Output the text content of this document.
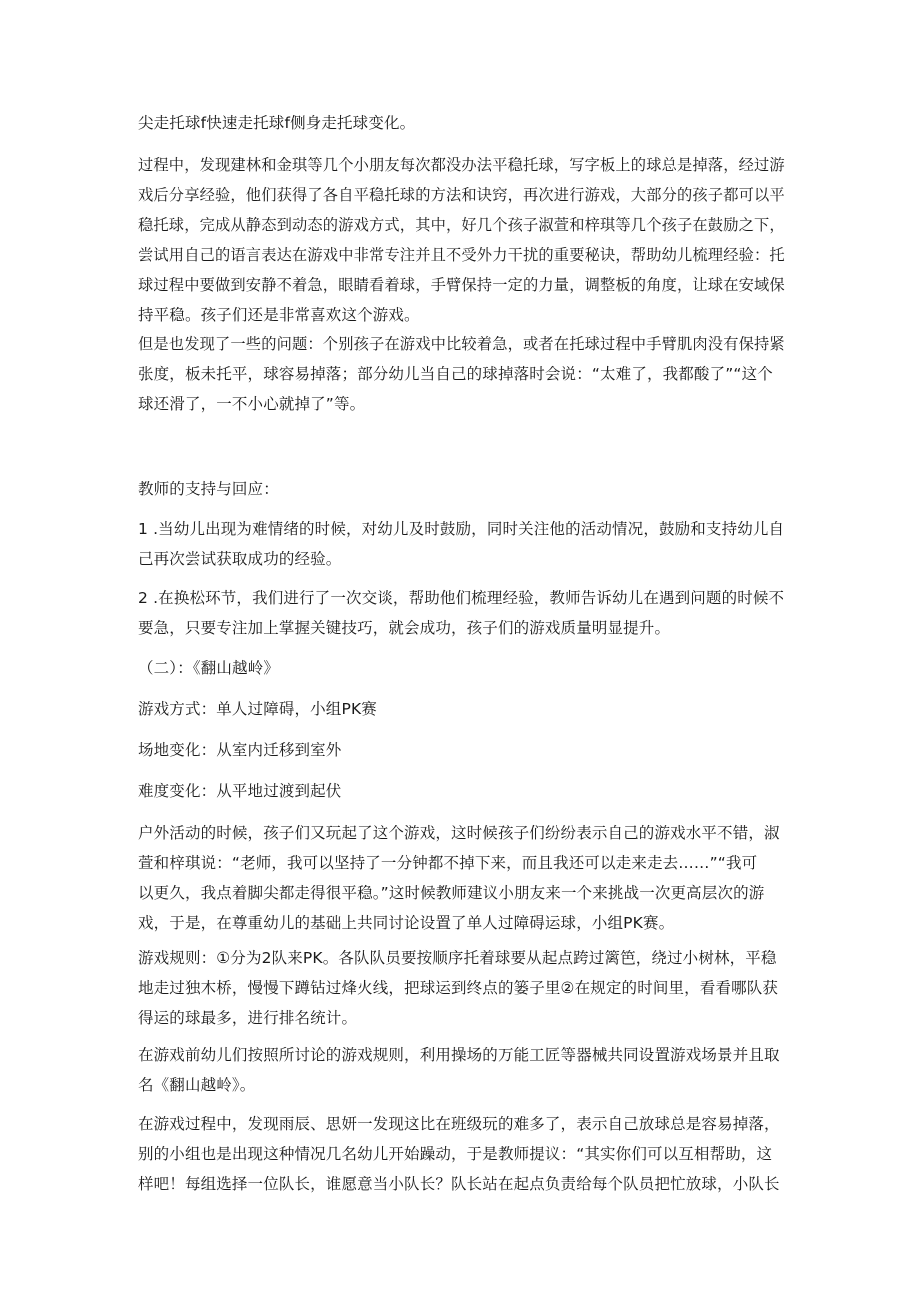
尖走托球f快速走托球f侧身走托球变化。
过程中，发现建林和金琪等几个小朋友每次都没办法平稳托球，写字板上的球总是掉落，经过游
戏后分享经验，他们获得了各自平稳托球的方法和诀窍，再次进行游戏，大部分的孩子都可以平
稳托球，完成从静态到动态的游戏方式，其中，好几个孩子淑萱和梓琪等几个孩子在鼓励之下，
尝试用自己的语言表达在游戏中非常专注并且不受外力干扰的重要秘诀，帮助幼儿梳理经验：托
球过程中要做到安静不着急，眼睛看着球，手臂保持一定的力量，调整板的角度，让球在安域保
持平稳。孩子们还是非常喜欢这个游戏。
但是也发现了一些的问题：个别孩子在游戏中比较着急，或者在托球过程中手臂肌肉没有保持紧
张度，板未托平，球容易掉落；部分幼儿当自己的球掉落时会说：“太难了，我都酸了”“这个
球还滑了，一不小心就掉了”等。
教师的支持与回应：
1 .当幼儿出现为难情绪的时候，对幼儿及时鼓励，同时关注他的活动情况，鼓励和支持幼儿自
己再次尝试获取成功的经验。
2 .在换松环节，我们进行了一次交谈，帮助他们梳理经验，教师告诉幼儿在遇到问题的时候不
要急，只要专注加上掌握关键技巧，就会成功，孩子们的游戏质量明显提升。
（二）：《翻山越岭》
游戏方式：单人过障碍，小组PK赛
场地变化：从室内迁移到室外
难度变化：从平地过渡到起伏
户外活动的时候，孩子们又玩起了这个游戏，这时候孩子们纷纷表示自己的游戏水平不错，淑
萱和梓琪说：“老师，我可以坚持了一分钟都不掉下来，而且我还可以走来走去……”“我可
以更久，我点着脚尖都走得很平稳。”这时候教师建议小朋友来一个来挑战一次更高层次的游
戏，于是，在尊重幼儿的基础上共同讨论设置了单人过障碍运球，小组PK赛。
游戏规则：①分为2队来PK。各队队员要按顺序托着球要从起点跨过篱笆，绕过小树林，平稳
地走过独木桥，慢慢下蹲钻过烽火线，把球运到终点的篓子里②在规定的时间里，看看哪队获
得运的球最多，进行排名统计。
在游戏前幼儿们按照所讨论的游戏规则，利用操场的万能工匠等器械共同设置游戏场景并且取
名《翻山越岭》。
在游戏过程中，发现雨辰、思妍一发现这比在班级玩的难多了，表示自己放球总是容易掉落，
别的小组也是出现这种情况几名幼儿开始躁动，于是教师提议：“其实你们可以互相帮助，这
样吧！每组选择一位队长，谁愿意当小队长？队长站在起点负责给每个队员把忙放球，小队长
